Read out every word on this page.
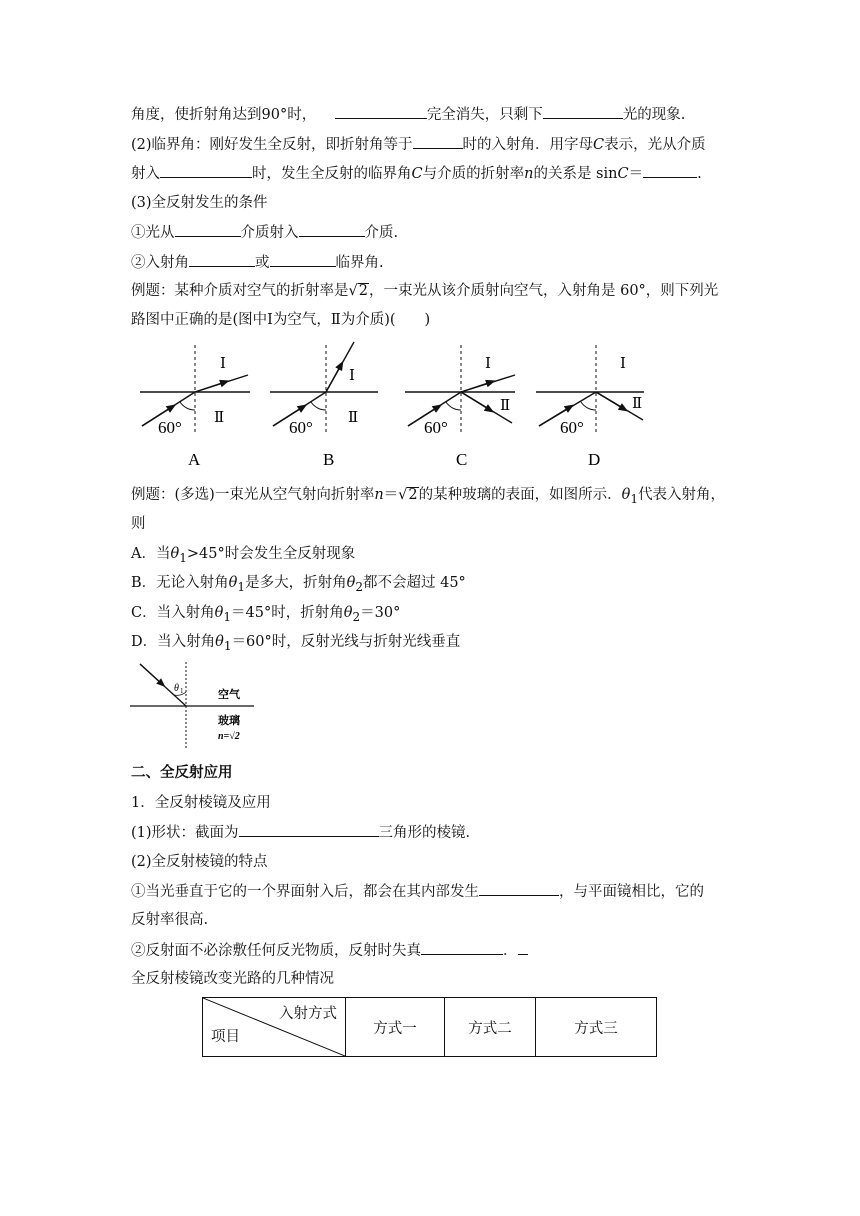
角度，使折射角达到90°时，	完全消失，只剩下	光的现象.
(2)临界角：刚好发生全反射，即折射角等于	时的入射角．用字母C表示，光从介质
射入	时，发生全反射的临界角C与介质的折射率n的关系是 sinC＝	.
(3)全反射发生的条件
①光从	介质射入	介质.
②入射角	或	临界角.
例题：某种介质对空气的折射率是√2，一束光从该介质射向空气，入射角是 60°，则下列光
路图中正确的是(图中Ⅰ为空气，Ⅱ为介质)(　　)
Ⅰ
Ⅱ
60°
A
Ⅰ
Ⅱ
60°
B
Ⅰ
Ⅱ
60°
C
Ⅰ
Ⅱ
60°
D
例题：(多选)一束光从空气射向折射率n＝√2的某种玻璃的表面，如图所示．$\theta_1$代表入射角，
则
A．当$\theta_1>45^\circ$时会发生全反射现象
B．无论入射角$\theta_1$是多大，折射角$\theta_2$都不会超过 45°
C．当入射角$\theta_1=45^\circ$时，折射角$\theta_2=30^\circ$
D．当入射角$\theta_1=60^\circ$时，反射光线与折射光线垂直
θ 1	空气
玻璃
n=√2
二、全反射应用
1．全反射棱镜及应用
(1)形状：截面为	三角形的棱镜．
(2)全反射棱镜的特点
①当光垂直于它的一个界面射入后，都会在其内部发生	，与平面镜相比，它的
反射率很高.
②反射面不必涂敷任何反光物质，反射时失真	．
全反射棱镜改变光路的几种情况
入射方式
项目
	方式一	方式二	方式三
